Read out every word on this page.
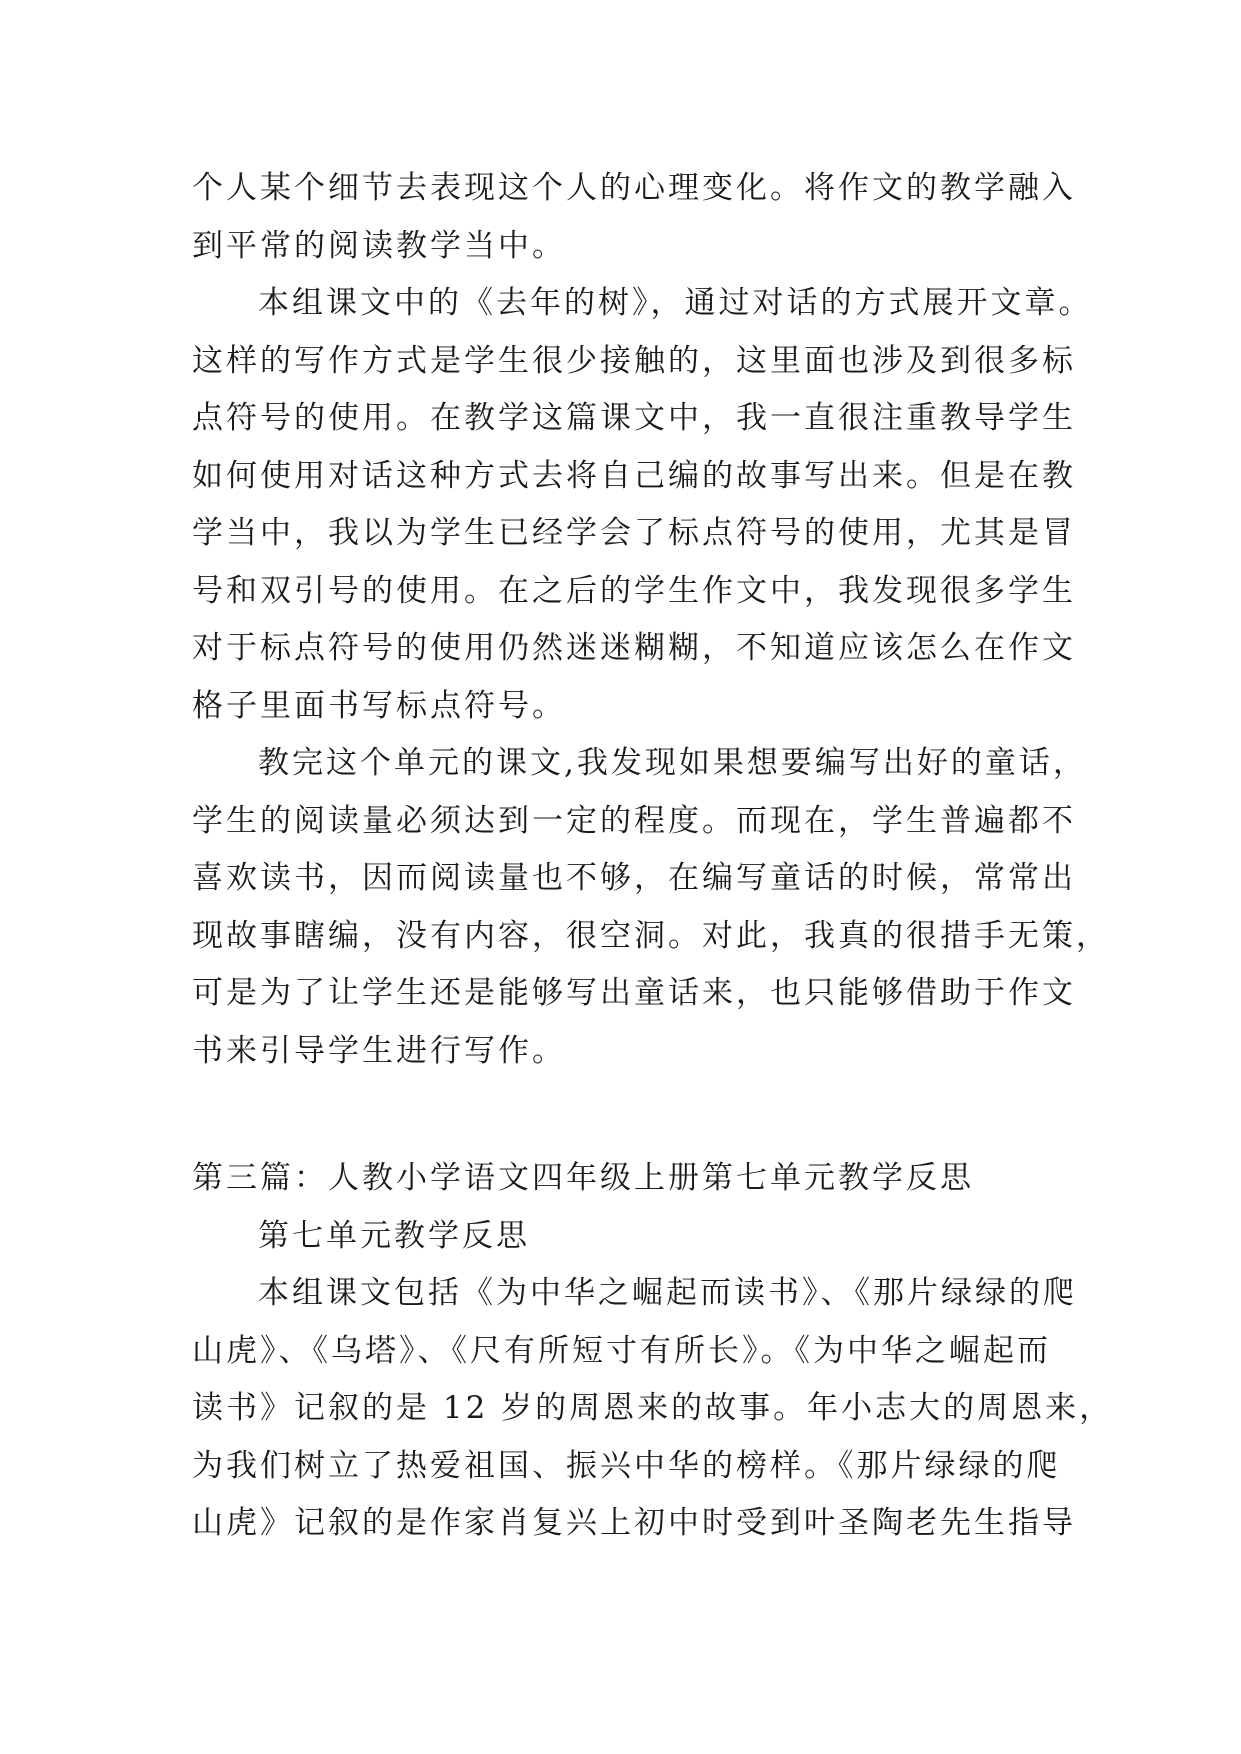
个人某个细节去表现这个人的心理变化。将作文的教学融入
到平常的阅读教学当中。
本组课文中的《去年的树》，通过对话的方式展开文章。
这样的写作方式是学生很少接触的，这里面也涉及到很多标
点符号的使用。在教学这篇课文中，我一直很注重教导学生
如何使用对话这种方式去将自己编的故事写出来。但是在教
学当中，我以为学生已经学会了标点符号的使用，尤其是冒
号和双引号的使用。在之后的学生作文中，我发现很多学生
对于标点符号的使用仍然迷迷糊糊，不知道应该怎么在作文
格子里面书写标点符号。
教完这个单元的课文,我发现如果想要编写出好的童话，
学生的阅读量必须达到一定的程度。而现在，学生普遍都不
喜欢读书，因而阅读量也不够，在编写童话的时候，常常出
现故事瞎编，没有内容，很空洞。对此，我真的很措手无策，
可是为了让学生还是能够写出童话来，也只能够借助于作文
书来引导学生进行写作。
第三篇：人教小学语文四年级上册第七单元教学反思
第七单元教学反思
本组课文包括《为中华之崛起而读书》、《那片绿绿的爬
山虎》、《乌塔》、《尺有所短寸有所长》。《为中华之崛起而
读书》记叙的是 12 岁的周恩来的故事。年小志大的周恩来，
为我们树立了热爱祖国、振兴中华的榜样。《那片绿绿的爬
山虎》记叙的是作家肖复兴上初中时受到叶圣陶老先生指导
